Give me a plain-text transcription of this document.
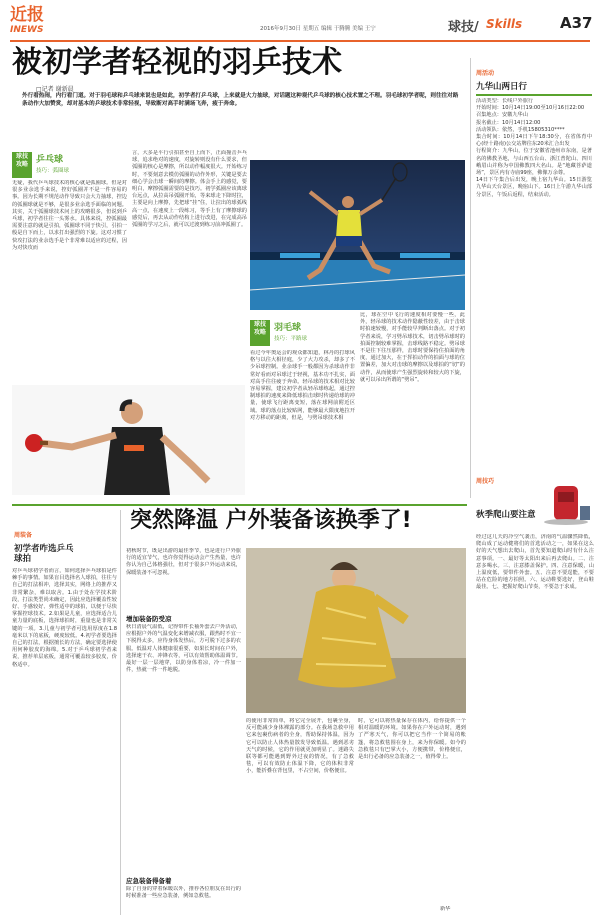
近报
INEWS	2016年9月30日 星期五 编辑 于腾腾 美编 王宁	球技/ Skills	A37
被初学者轻视的羽乒技术
□记者 谢新晨
外行看热闹，内行看门道。对于羽毛球和乒乓球来说也是如此，初学者打乒乓球，上来就是大力抽球，对话题这种观代乒乓球的核心技术置之不理。羽毛球初学者呢，则往往对路条动作大加赞赏，却对基本的乒球技术非常轻视，导致断对高手时满场飞奔，疲于奔命。
球技攻略 乒乓球
技巧：弧圈球
无疑，我代乒乓球技术的核心就是弧圈球。但是对很多业余选手来说，控好弧圈并不是一件容易的事。因为长期不规范动作导致只会大力抽球，控边的弧圈球就是不够，是很多业余选手面临的问题。其实，关于弧圈球技术问上的攻略很多，但说到乒乓球，初学者往往一头雾水。具体来说，控弧圈最需要注意的就是引拍，弧圈球不同于快引，引拍一般是自下而上，以求打出强烈的下旋。这对习惯了快攻打法的业余选手是个非常难以适应的过程，因为对快攻而
言，大多是平行引拍甚至自上而下，正面撞击乒乓球，追求绝对的速度，对旋转则没有什么要求，但弧圈的核心是摩擦，所以动作幅度很大。开始练习时，不要刻意去模仿弧圈的动作外形，关键是要去细心学会击球一瞬间的摩擦。体会手上的感觉，要明白，摩擦弧圈需要的是技巧。初学弧圈应该离球台远点，从拉高吊弧圈开始，等来球走下降时拉，主要是向上摩擦，先把球“挂”住，让拉出的球弧线高一点，在速度上一段练习，等手上有了摩擦球的感觉后，再去从动作结构上进行改进，在完成高吊弧圈的学习之后，就可以过渡到练习前冲弧圈了。
球技攻略 羽毛球
技巧：平路球
看过今年奥运会的观众都知道，林丹的打球风格与以往大相径庭，少了大力攻杀，却多了不少吊球控制。业余球手一般都因为杀球动作非常好看而对吊球过于轻视，基本功不扎实，面对高手往往疲于奔命。轻吊球的技术相对比较容易掌握，建议初学者从轻吊球练起，通过控制球拍的速度来降低球拍击球时传递给球的冲量，使球飞行距离变短，落在球网前附近区域。球的落点比较贴网，能够最大限度地拉开对方移动的距离，但是，与劈吊球技术相
比，球在空中飞行的速度相对要慢一些，此外，轻吊球的技术动作隐蔽性较差，由于击球时拍速较慢，对手能较早判断出落点。对于初学者来说，学习劈吊球技术，切击劈吊球时的拍面控制较难掌握，击球线路不稳定。劈吊球不是往下往压那样，击球时要保持住拍面的角度，通过加大，在于挥拍动作的拍面与球的位置偏差，加大对击球的摩擦以及球拍的“切”的动作，从而使球产生强烈旋转和较大的下旋，就可以吊出所谓的“劈吊”。
周活动
九华山两日行
活动类型：长线户外旅行
开始时间：10月14日19:00至10月16日22:00
召集地点：安徽九华山
报名截止：10月14日12:00
活动领队：依然，手机15805310****
集合时间：10月14日下午18:30分，在省体育中心(经十路南)公交站牌往东20米汇合出发
行程简介：九华山，位于安徽省池州市东南，是著名的佛教圣地，与山西五台山、浙江普陀山、四川峨眉山并称为中国佛教四大名山。是“地藏菩萨道场”，景区内有寺庙99座，佛像万余尊。
14日下午集合后出发，晚上宿九华山。15日游览九华山天台景区，晚宿山下。16日上午游九华山部分景区，午饭后返程，结束活动。
周技巧
秋季爬山要注意
经过这几天的冷空气袭击，济南的气温骤然降低，爬山成了运动健将们的首选活动之一，如果在这么好的天气想出去爬山，首先要知道爬山时有什么注意事项。一、最好等太阳出来后再去爬山。二、注意多喝水。三、注意膝盖保护。四、注意保暖，山上温度低，要带件外套。五、注意不要逞能，不要站在危险的地方拍照。六、运动鞋要选好，登山鞋最佳。七、把握好爬山节奏，不要急于求成。
周装备
初学者咋选乒乓球拍
对乒乓球初学者而言，如何选择乒乓球拍是件棘手的事情。如果盲目选择名人球拍，往往与自己的打法相冲，选择其实，网络上的推荐又非常繁杂，难以取舍。1.由于处在学技术阶段，打法类型尚未确定，因此应选择覆盖性较好、手感较好、弹性适中的球拍，以便于尽快掌握控球技术。2.如果是儿童，应选择适合儿童力量的底板，选择球拍时，重量也是非常关键的一项。3.儿童与初学者可选用厚度在1.8毫米以下的底板，硬度较低。4.初学者要选择自己的打法，根据擅长的方法，确定要选择使用何种胶皮的海绵。5.对于乒乓球初学者来说，推荐单层底板，通常可覆盖较多胶皮，价格适中。
突然降温 户外装备该换季了!
初秋时节，既是出游的最佳季节，也是进行户外旅行的适宜节气，也许你觉得运动会产生热量，也许你认为自己体格强壮，但对于很多户外运动来说，保暖装备不可忽视。
增加装备防受凉
秋日清晨气温低，记得带件长袖外套去户外活动，应根据户外的气温变化来增减衣服，跟热时不宜一下脱得太多，应待身体发热后，方可脱下过多的衣服。低温对人体健康很重要，如果长时间在户外，选择速干衣、冲锋衣等，可以有效帮助体温调节。最好一层一层地穿，以防身体着凉，冷一件加一件，热就一件一件地脱。
应急装备得备着
除了自身的穿着保暖以外，推荐各位朋友在出行的时候准备一些应急装备，例如急救毯。
的使用非常简单，将它完全展开，包裹全身，反可能减少身体裸露的部分。在我场急救中用它来包裹伤病者的全身，帮助保持体温，因为它可以防止人体热量散发导致低温。遇到恶劣天气的时候，它的作用就更加明显了。迷路失联等都可能遇到野外过夜的情况，有了急救毯，可以有效防止体温下降，它的体积非常小，能折叠在背包里，不占空间，价格便宜。
时，它可以将热量保存在体内，给你提供一个相对温暖的环境。如果你在户外运动时，遇到了严寒天气，你可以把它当作一个简易的帐篷，将急救毯围在身上，来为你保暖。如今的急救毯只有巴掌大小，方便携带，价格便宜，是出行必备的应急装备之一，值得带上。
新华
